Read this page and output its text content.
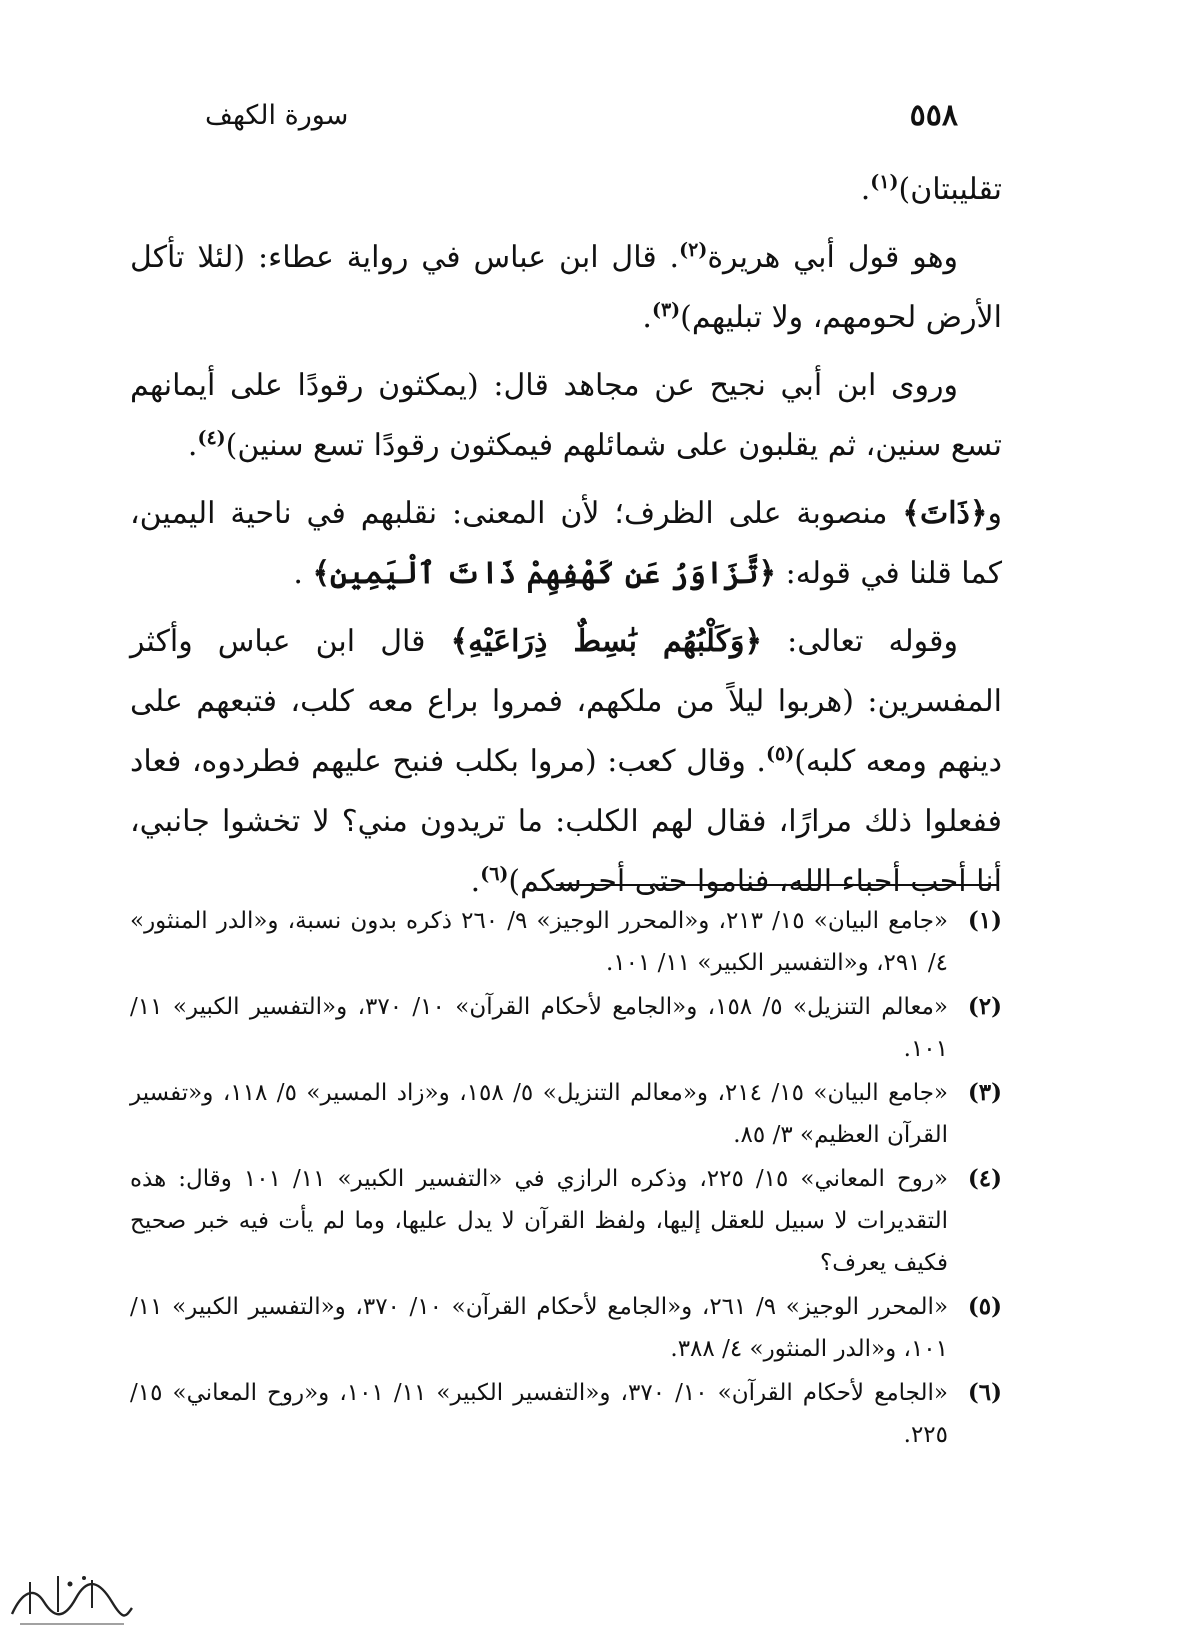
٥٥٨
سورة الكهف

تقليبتان)$^{(١)}$.

وهو قول أبي هريرة$^{(٢)}$. قال ابن عباس في رواية عطاء: (لئلا تأكل الأرض لحومهم، ولا تبليهم)$^{(٣)}$.

وروى ابن أبي نجيح عن مجاهد قال: (يمكثون رقودًا على أيمانهم تسع سنين، ثم يقلبون على شمائلهم فيمكثون رقودًا تسع سنين)$^{(٤)}$.

و﴿ذَاتَ﴾ منصوبة على الظرف؛ لأن المعنى: نقلبهم في ناحية اليمين، كما قلنا في قوله: ﴿تَّزَاوَرُ عَن كَهْفِهِمْ ذَاتَ ٱلْيَمِينِ﴾ .

وقوله تعالى: ﴿وَكَلْبُهُم بَٰسِطٌ ذِرَاعَيْهِ﴾ قال ابن عباس وأكثر المفسرين: (هربوا ليلاً من ملكهم، فمروا براع معه كلب، فتبعهم على دينهم ومعه كلبه)$^{(٥)}$. وقال كعب: (مروا بكلب فنبح عليهم فطردوه، فعاد ففعلوا ذلك مرارًا، فقال لهم الكلب: ما تريدون مني؟ لا تخشوا جانبي، أنا أحب أحباء الله، فناموا حتى أحرسكم)$^{(٦)}$.

(١)
«جامع البيان» ١٥/ ٢١٣، و«المحرر الوجيز» ٩/ ٢٦٠ ذكره بدون نسبة، و«الدر المنثور» ٤/ ٢٩١، و«التفسير الكبير» ١١/ ١٠١.
(٢)
«معالم التنزيل» ٥/ ١٥٨، و«الجامع لأحكام القرآن» ١٠/ ٣٧٠، و«التفسير الكبير» ١١/ ١٠١.
(٣)
«جامع البيان» ١٥/ ٢١٤، و«معالم التنزيل» ٥/ ١٥٨، و«زاد المسير» ٥/ ١١٨، و«تفسير القرآن العظيم» ٣/ ٨٥.
(٤)
«روح المعاني» ١٥/ ٢٢٥، وذكره الرازي في «التفسير الكبير» ١١/ ١٠١ وقال: هذه التقديرات لا سبيل للعقل إليها، ولفظ القرآن لا يدل عليها، وما لم يأت فيه خبر صحيح فكيف يعرف؟
(٥)
«المحرر الوجيز» ٩/ ٢٦١، و«الجامع لأحكام القرآن» ١٠/ ٣٧٠، و«التفسير الكبير» ١١/ ١٠١، و«الدر المنثور» ٤/ ٣٨٨.
(٦)
«الجامع لأحكام القرآن» ١٠/ ٣٧٠، و«التفسير الكبير» ١١/ ١٠١، و«روح المعاني» ١٥/ ٢٢٥.
